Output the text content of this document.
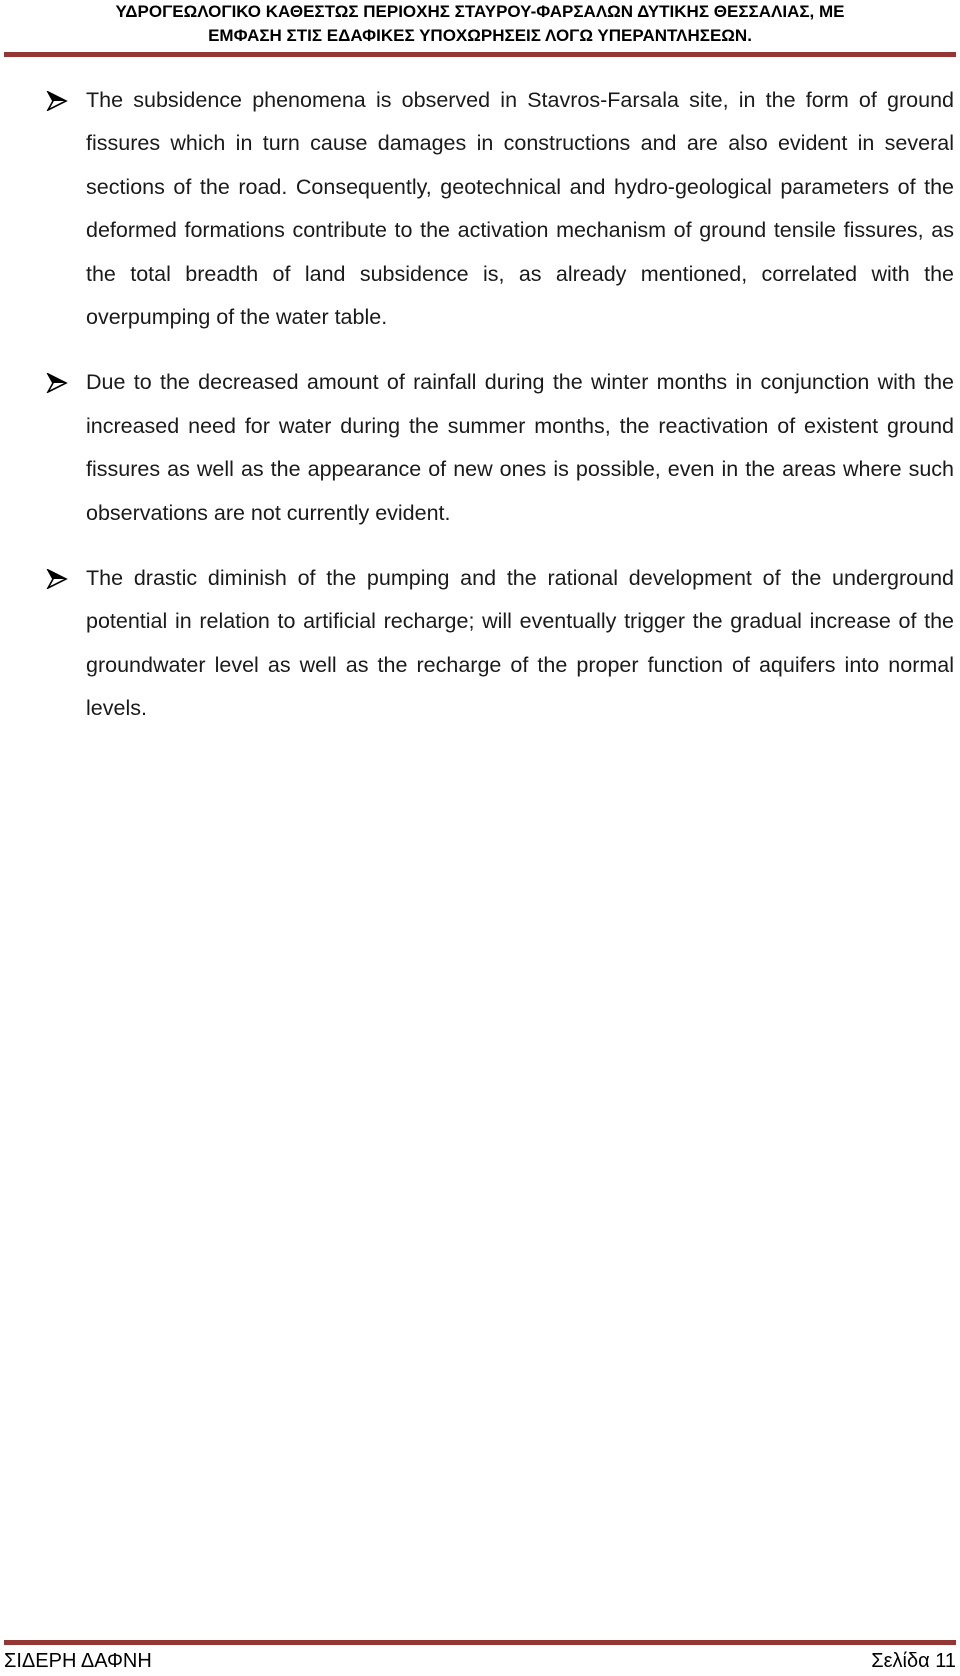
ΥΔΡΟΓΕΩΛΟΓΙΚΟ ΚΑΘΕΣΤΩΣ ΠΕΡΙΟΧΗΣ ΣΤΑΥΡΟΥ-ΦΑΡΣΑΛΩΝ ΔΥΤΙΚΗΣ ΘΕΣΣΑΛΙΑΣ, ΜΕ
ΕΜΦΑΣΗ ΣΤΙΣ ΕΔΑΦΙΚΕΣ ΥΠΟΧΩΡΗΣΕΙΣ ΛΟΓΩ ΥΠΕΡΑΝΤΛΗΣΕΩΝ.
The subsidence phenomena is observed in Stavros-Farsala site, in the form of ground fissures which in turn cause damages in constructions and are also evident in several sections of the road. Consequently, geotechnical and hydro-geological parameters of the deformed formations contribute to the activation mechanism of ground tensile fissures, as the total breadth of land subsidence is, as already mentioned, correlated with the overpumping of the water table.
Due to the decreased amount of rainfall during the winter months in conjunction with the increased need for water during the summer months, the reactivation of existent ground fissures as well as the appearance of new ones is possible, even in the areas where such observations are not currently evident.
The drastic diminish of the pumping and the rational development of the underground potential in relation to artificial recharge; will eventually trigger the gradual increase of the groundwater level as well as the recharge of the proper function of aquifers into normal levels.
ΣΙΔΕΡΗ ΔΑΦΝΗ	Σελίδα 11
